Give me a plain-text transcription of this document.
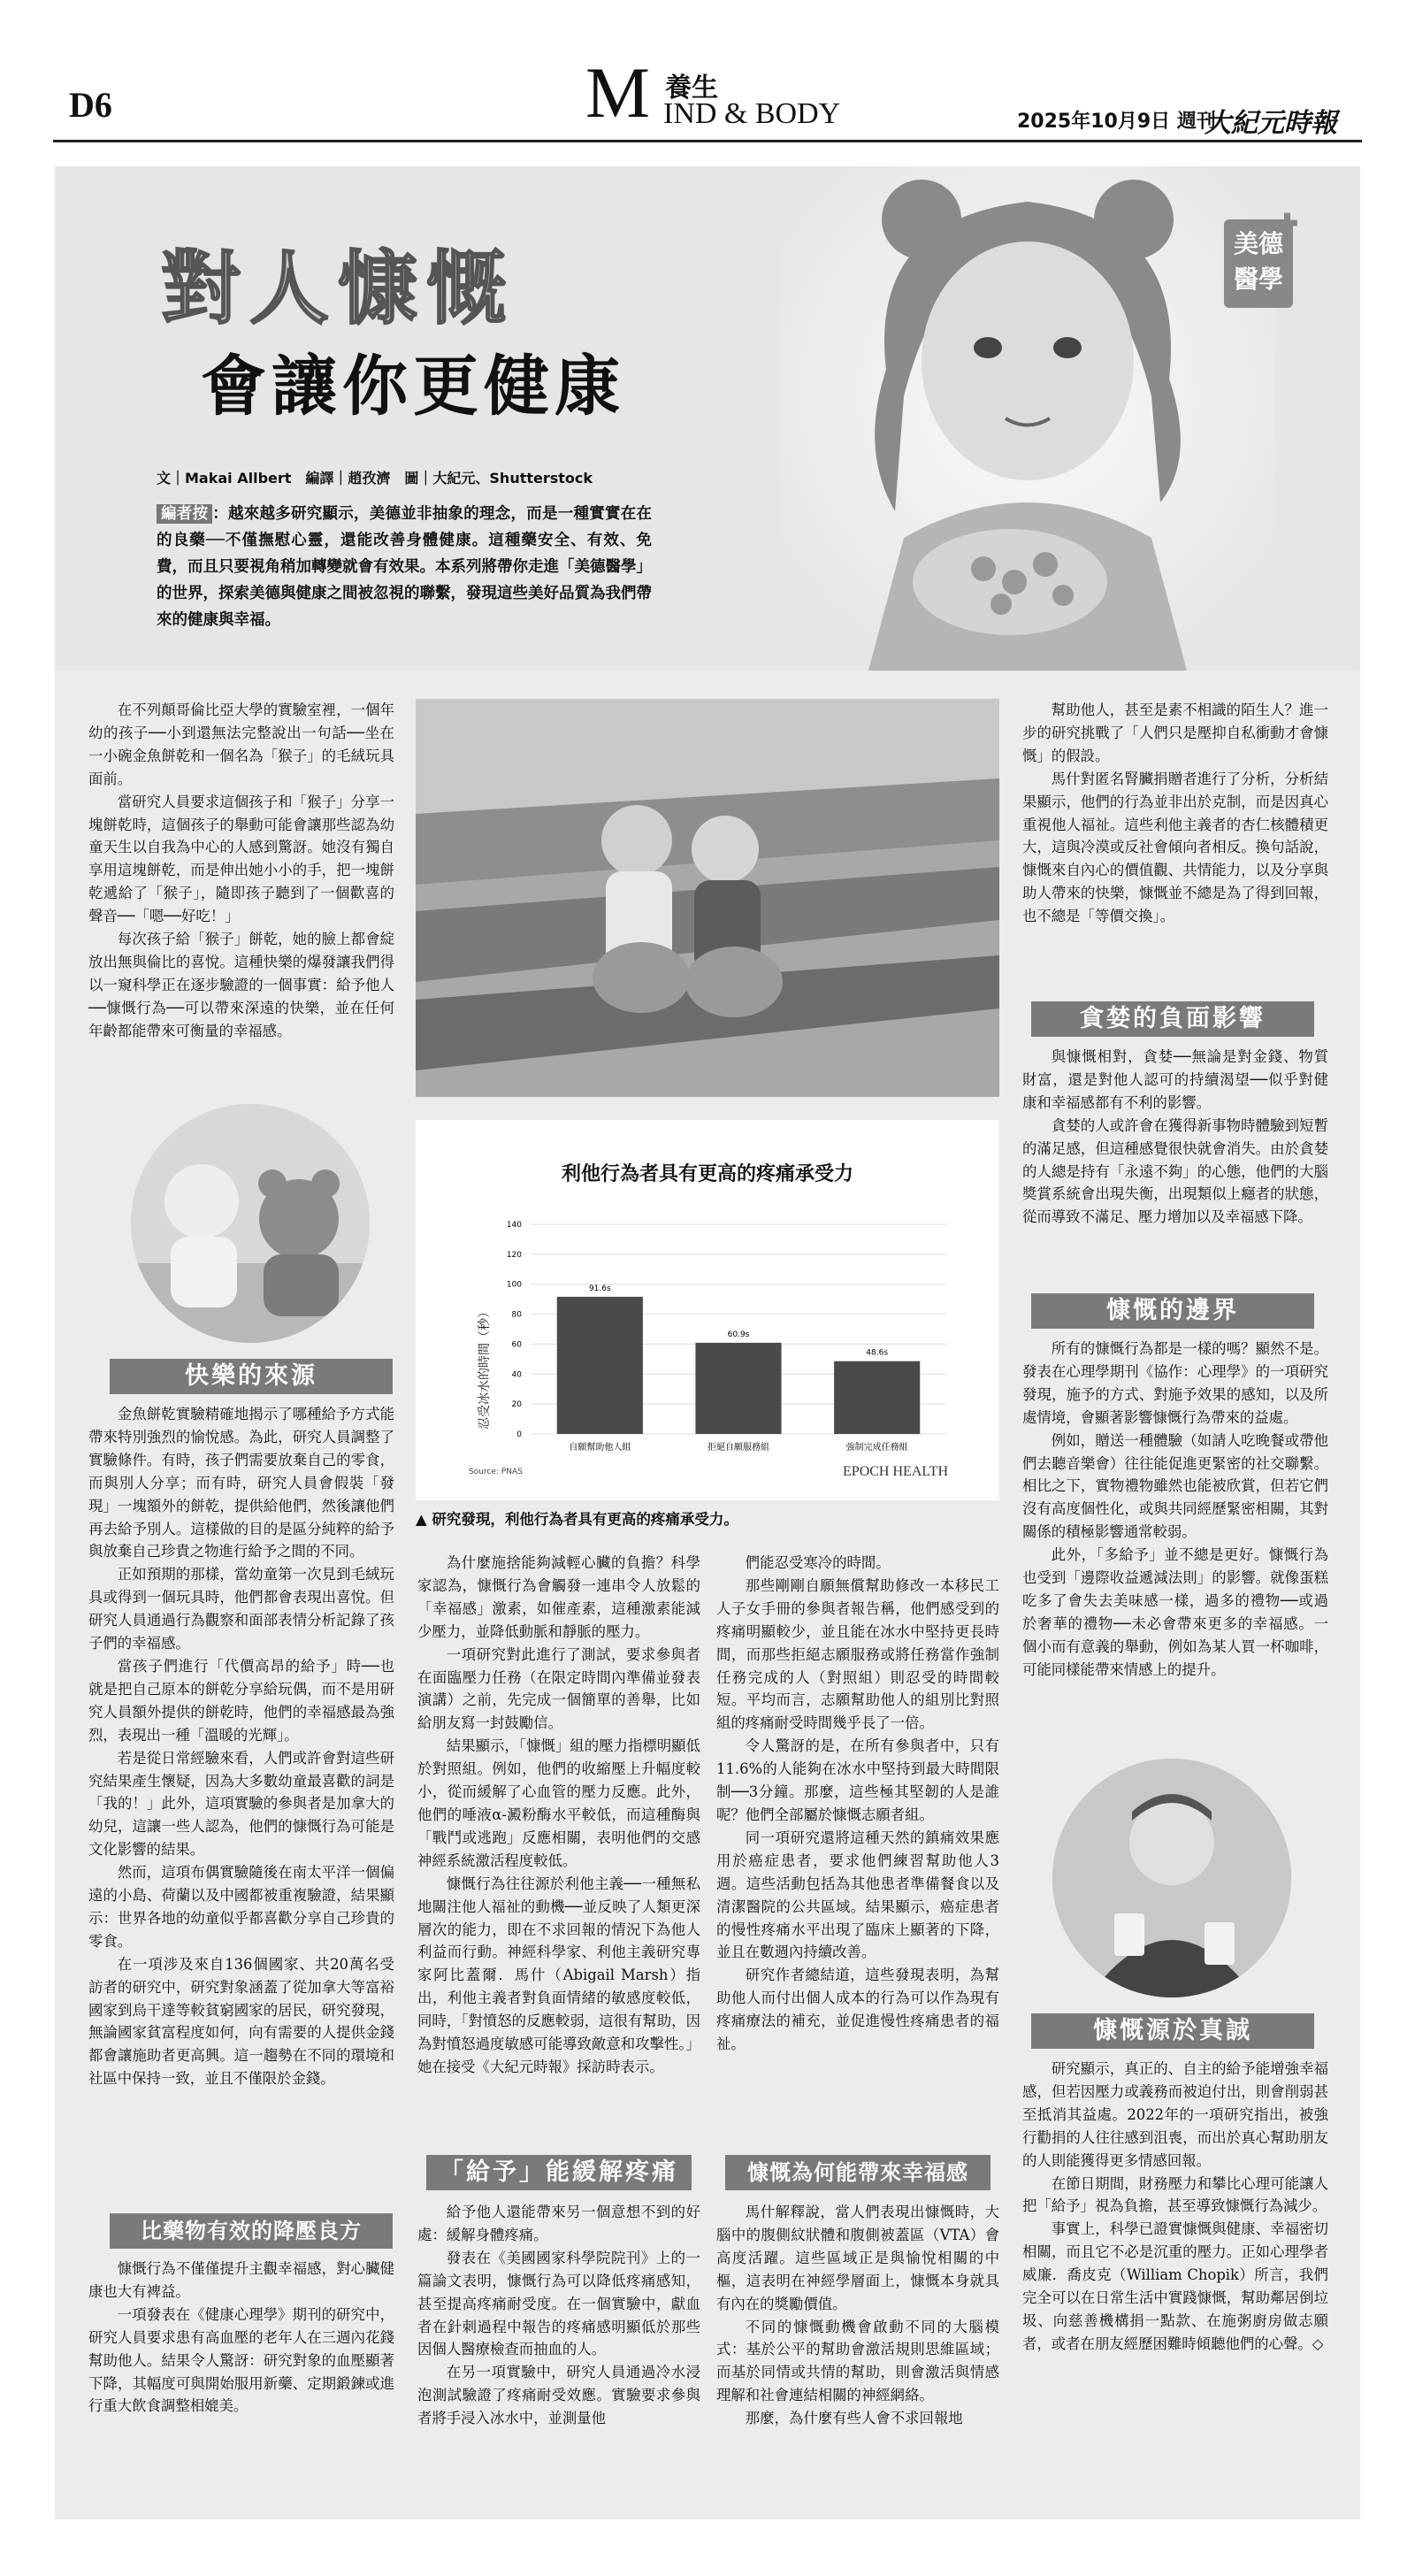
D6	M 養生
IND & BODY	2025年10月9日 週刊
大紀元時報
對人慷慨
會讓你更健康
文｜Makai Allbert　編譯｜趙孜濟　圖｜大紀元、Shutterstock
編者按 ：越來越多研究顯示，美德並非抽象的理念，而是一種實實在在的良藥──不僅撫慰心靈，還能改善身體健康。這種藥安全、有效、免費，而且只要視角稍加轉變就會有效果。本系列將帶你走進「美德醫學」的世界，探索美德與健康之間被忽視的聯繫，發現這些美好品質為我們帶來的健康與幸福。
美德
醫學
✚

在不列顛哥倫比亞大學的實驗室裡，一個年幼的孩子──小到還無法完整說出一句話──坐在一小碗金魚餅乾和一個名為「猴子」的毛絨玩具面前。

當研究人員要求這個孩子和「猴子」分享一塊餅乾時，這個孩子的舉動可能會讓那些認為幼童天生以自我為中心的人感到驚訝。她沒有獨自享用這塊餅乾，而是伸出她小小的手，把一塊餅乾遞給了「猴子」，隨即孩子聽到了一個歡喜的聲音──「嗯──好吃！」

每次孩子給「猴子」餅乾，她的臉上都會綻放出無與倫比的喜悅。這種快樂的爆發讓我們得以一窺科學正在逐步驗證的一個事實：給予他人──慷慨行為──可以帶來深遠的快樂，並在任何年齡都能帶來可衡量的幸福感。

快樂的來源

金魚餅乾實驗精確地揭示了哪種給予方式能帶來特別強烈的愉悅感。為此，研究人員調整了實驗條件。有時，孩子們需要放棄自己的零食，而與別人分享；而有時，研究人員會假裝「發現」一塊額外的餅乾，提供給他們，然後讓他們再去給予別人。這樣做的目的是區分純粹的給予與放棄自己珍貴之物進行給予之間的不同。

正如預期的那樣，當幼童第一次見到毛絨玩具或得到一個玩具時，他們都會表現出喜悅。但研究人員通過行為觀察和面部表情分析記錄了孩子們的幸福感。

當孩子們進行「代價高昂的給予」時──也就是把自己原本的餅乾分享給玩偶，而不是用研究人員額外提供的餅乾時，他們的幸福感最為強烈，表現出一種「溫暖的光輝」。

若是從日常經驗來看，人們或許會對這些研究結果產生懷疑，因為大多數幼童最喜歡的詞是「我的！」此外，這項實驗的參與者是加拿大的幼兒，這讓一些人認為，他們的慷慨行為可能是文化影響的結果。

然而，這項布偶實驗隨後在南太平洋一個偏遠的小島、荷蘭以及中國都被重複驗證，結果顯示：世界各地的幼童似乎都喜歡分享自己珍貴的零食。

在一項涉及來自136個國家、共20萬名受訪者的研究中，研究對象涵蓋了從加拿大等富裕國家到烏干達等較貧窮國家的居民，研究發現，無論國家貧富程度如何，向有需要的人提供金錢都會讓施助者更高興。這一趨勢在不同的環境和社區中保持一致，並且不僅限於金錢。

比藥物有效的降壓良方

慷慨行為不僅僅提升主觀幸福感，對心臟健康也大有裨益。

一項發表在《健康心理學》期刊的研究中，研究人員要求患有高血壓的老年人在三週內花錢幫助他人。結果令人驚訝：研究對象的血壓顯著下降，其幅度可與開始服用新藥、定期鍛鍊或進行重大飲食調整相媲美。

利他行為者具有更高的疼痛承受力
忍受冰水的時間（秒）
0
20
40
60
80
100
120
140
91.6s
自願幫助他人組
60.9s
拒絕自願服務組
48.6s
強制完成任務組
Source: PNAS	EPOCH HEALTH
▲ 研究發現，利他行為者具有更高的疼痛承受力。

為什麼施捨能夠減輕心臟的負擔？科學家認為，慷慨行為會觸發一連串令人放鬆的「幸福感」激素，如催產素，這種激素能減少壓力，並降低動脈和靜脈的壓力。

一項研究對此進行了測試，要求參與者在面臨壓力任務（在限定時間內準備並發表演講）之前，先完成一個簡單的善舉，比如給朋友寫一封鼓勵信。

結果顯示，「慷慨」組的壓力指標明顯低於對照組。例如，他們的收縮壓上升幅度較小，從而緩解了心血管的壓力反應。此外，他們的唾液α-澱粉酶水平較低，而這種酶與「戰鬥或逃跑」反應相關，表明他們的交感神經系統激活程度較低。

慷慨行為往往源於利他主義──一種無私地關注他人福祉的動機──並反映了人類更深層次的能力，即在不求回報的情況下為他人利益而行動。神經科學家、利他主義研究專家阿比蓋爾．馬什（Abigail Marsh）指出，利他主義者對負面情緒的敏感度較低，同時，「對憤怒的反應較弱，這很有幫助，因為對憤怒過度敏感可能導致敵意和攻擊性。」她在接受《大紀元時報》採訪時表示。

「給予」能緩解疼痛

給予他人還能帶來另一個意想不到的好處：緩解身體疼痛。

發表在《美國國家科學院院刊》上的一篇論文表明，慷慨行為可以降低疼痛感知，甚至提高疼痛耐受度。在一個實驗中，獻血者在針刺過程中報告的疼痛感明顯低於那些因個人醫療檢查而抽血的人。

在另一項實驗中，研究人員通過冷水浸泡測試驗證了疼痛耐受效應。實驗要求參與者將手浸入冰水中，並測量他

們能忍受寒冷的時間。

那些剛剛自願無償幫助修改一本移民工人子女手冊的參與者報告稱，他們感受到的疼痛明顯較少，並且能在冰水中堅持更長時間，而那些拒絕志願服務或將任務當作強制任務完成的人（對照組）則忍受的時間較短。平均而言，志願幫助他人的組別比對照組的疼痛耐受時間幾乎長了一倍。

令人驚訝的是，在所有參與者中，只有11.6%的人能夠在冰水中堅持到最大時間限制──3分鐘。那麼，這些極其堅韌的人是誰呢？他們全部屬於慷慨志願者組。

同一項研究還將這種天然的鎮痛效果應用於癌症患者，要求他們練習幫助他人3週。這些活動包括為其他患者準備餐食以及清潔醫院的公共區域。結果顯示，癌症患者的慢性疼痛水平出現了臨床上顯著的下降，並且在數週內持續改善。

研究作者總結道，這些發現表明，為幫助他人而付出個人成本的行為可以作為現有疼痛療法的補充，並促進慢性疼痛患者的福祉。

慷慨為何能帶來幸福感

馬什解釋說，當人們表現出慷慨時，大腦中的腹側紋狀體和腹側被蓋區（VTA）會高度活躍。這些區域正是與愉悅相關的中樞，這表明在神經學層面上，慷慨本身就具有內在的獎勵價值。

不同的慷慨動機會啟動不同的大腦模式：基於公平的幫助會激活規則思維區域；而基於同情或共情的幫助，則會激活與情感理解和社會連結相關的神經網絡。

那麼，為什麼有些人會不求回報地

幫助他人，甚至是素不相識的陌生人？進一步的研究挑戰了「人們只是壓抑自私衝動才會慷慨」的假設。

馬什對匿名腎臟捐贈者進行了分析，分析結果顯示，他們的行為並非出於克制，而是因真心重視他人福祉。這些利他主義者的杏仁核體積更大，這與冷漠或反社會傾向者相反。換句話說，慷慨來自內心的價值觀、共情能力，以及分享與助人帶來的快樂，慷慨並不總是為了得到回報，也不總是「等價交換」。

貪婪的負面影響

與慷慨相對，貪婪──無論是對金錢、物質財富，還是對他人認可的持續渴望──似乎對健康和幸福感都有不利的影響。

貪婪的人或許會在獲得新事物時體驗到短暫的滿足感，但這種感覺很快就會消失。由於貪婪的人總是持有「永遠不夠」的心態，他們的大腦獎賞系統會出現失衡，出現類似上癮者的狀態，從而導致不滿足、壓力增加以及幸福感下降。

慷慨的邊界

所有的慷慨行為都是一樣的嗎？顯然不是。發表在心理學期刊《協作：心理學》的一項研究發現，施予的方式、對施予效果的感知，以及所處情境，會顯著影響慷慨行為帶來的益處。

例如，贈送一種體驗（如請人吃晚餐或帶他們去聽音樂會）往往能促進更緊密的社交聯繫。相比之下，實物禮物雖然也能被欣賞，但若它們沒有高度個性化，或與共同經歷緊密相關，其對關係的積極影響通常較弱。

此外，「多給予」並不總是更好。慷慨行為也受到「邊際收益遞減法則」的影響。就像蛋糕吃多了會失去美味感一樣，過多的禮物──或過於奢華的禮物──未必會帶來更多的幸福感。一個小而有意義的舉動，例如為某人買一杯咖啡，可能同樣能帶來情感上的提升。

慷慨源於真誠

研究顯示，真正的、自主的給予能增強幸福感，但若因壓力或義務而被迫付出，則會削弱甚至抵消其益處。2022年的一項研究指出，被強行勸捐的人往往感到沮喪，而出於真心幫助朋友的人則能獲得更多情感回報。

在節日期間，財務壓力和攀比心理可能讓人把「給予」視為負擔，甚至導致慷慨行為減少。

事實上，科學已證實慷慨與健康、幸福密切相關，而且它不必是沉重的壓力。正如心理學者威廉．喬皮克（William Chopik）所言，我們完全可以在日常生活中實踐慷慨，幫助鄰居倒垃圾、向慈善機構捐一點款、在施粥廚房做志願者，或者在朋友經歷困難時傾聽他們的心聲。◇
